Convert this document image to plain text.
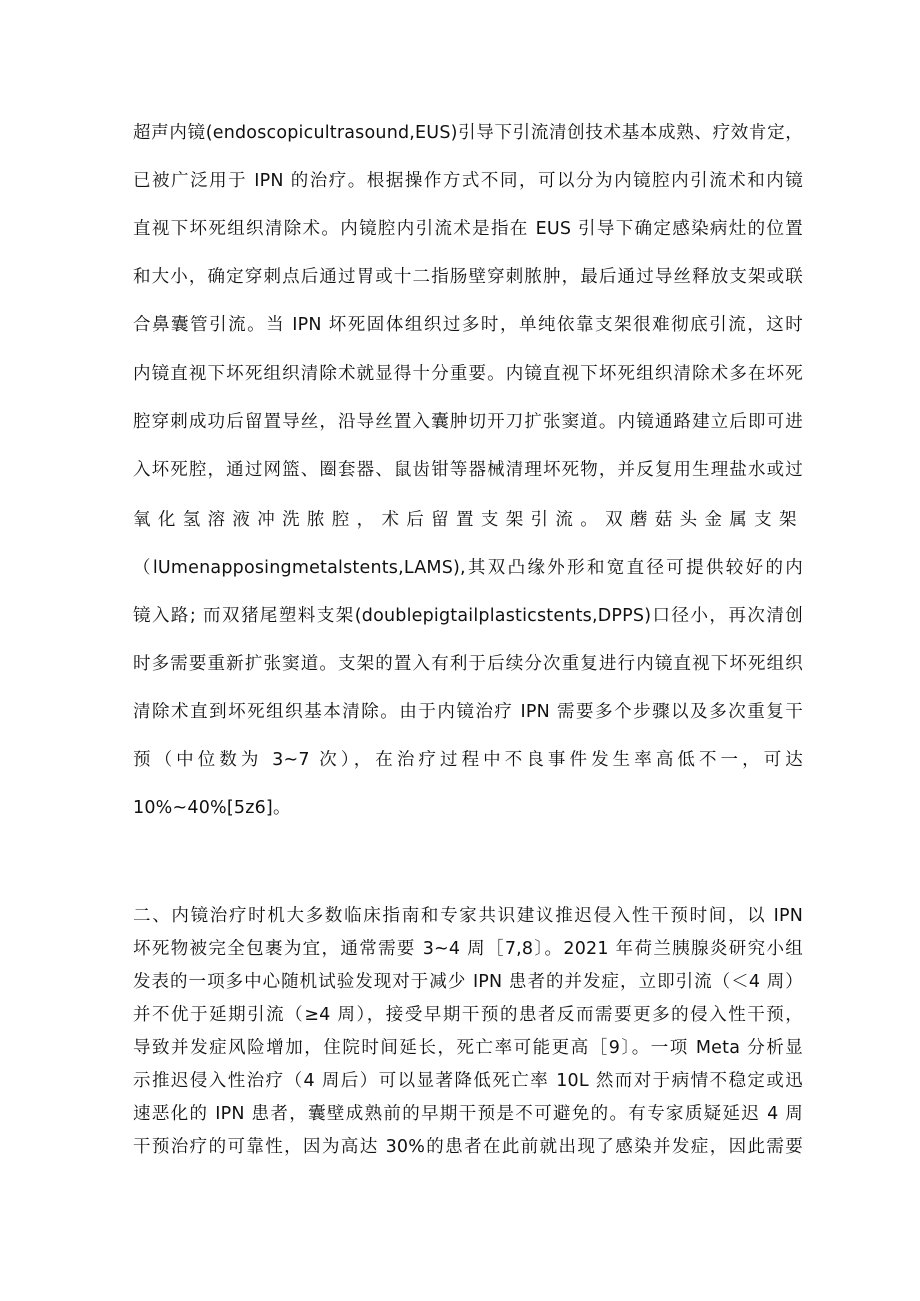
超声内镜(endoscopicultrasound,EUS)引导下引流清创技术基本成熟、疗效肯定，
已被广泛用于 IPN 的治疗。根据操作方式不同，可以分为内镜腔内引流术和内镜
直视下坏死组织清除术。内镜腔内引流术是指在 EUS 引导下确定感染病灶的位置
和大小，确定穿刺点后通过胃或十二指肠壁穿刺脓肿，最后通过导丝释放支架或联
合鼻囊管引流。当 IPN 坏死固体组织过多时，单纯依靠支架很难彻底引流，这时
内镜直视下坏死组织清除术就显得十分重要。内镜直视下坏死组织清除术多在坏死
腔穿刺成功后留置导丝，沿导丝置入囊肿切开刀扩张窦道。内镜通路建立后即可进
入坏死腔，通过网篮、圈套器、鼠齿钳等器械清理坏死物，并反复用生理盐水或过
氧化氢溶液冲洗脓腔，术后留置支架引流。双蘑菇头金属支架
（lUmenapposingmetalstents,LAMS),其双凸缘外形和宽直径可提供较好的内
镜入路; 而双猪尾塑料支架(doublepigtailplasticstents,DPPS)口径小，再次清创
时多需要重新扩张窦道。支架的置入有利于后续分次重复进行内镜直视下坏死组织
清除术直到坏死组织基本清除。由于内镜治疗 IPN 需要多个步骤以及多次重复干
预（中位数为 3~7 次），在治疗过程中不良事件发生率高低不一，可达
10%~40%[5z6]。
二、内镜治疗时机大多数临床指南和专家共识建议推迟侵入性干预时间，以 IPN
坏死物被完全包裹为宜，通常需要 3~4 周［7,8〕。2021 年荷兰胰腺炎研究小组
发表的一项多中心随机试验发现对于减少 IPN 患者的并发症，立即引流（＜4 周）
并不优于延期引流（≥4 周），接受早期干预的患者反而需要更多的侵入性干预，
导致并发症风险增加，住院时间延长，死亡率可能更高［9〕。一项 Meta 分析显
示推迟侵入性治疗（4 周后）可以显著降低死亡率 10L 然而对于病情不稳定或迅
速恶化的 IPN 患者，囊壁成熟前的早期干预是不可避免的。有专家质疑延迟 4 周
干预治疗的可靠性，因为高达 30%的患者在此前就出现了感染并发症，因此需要
